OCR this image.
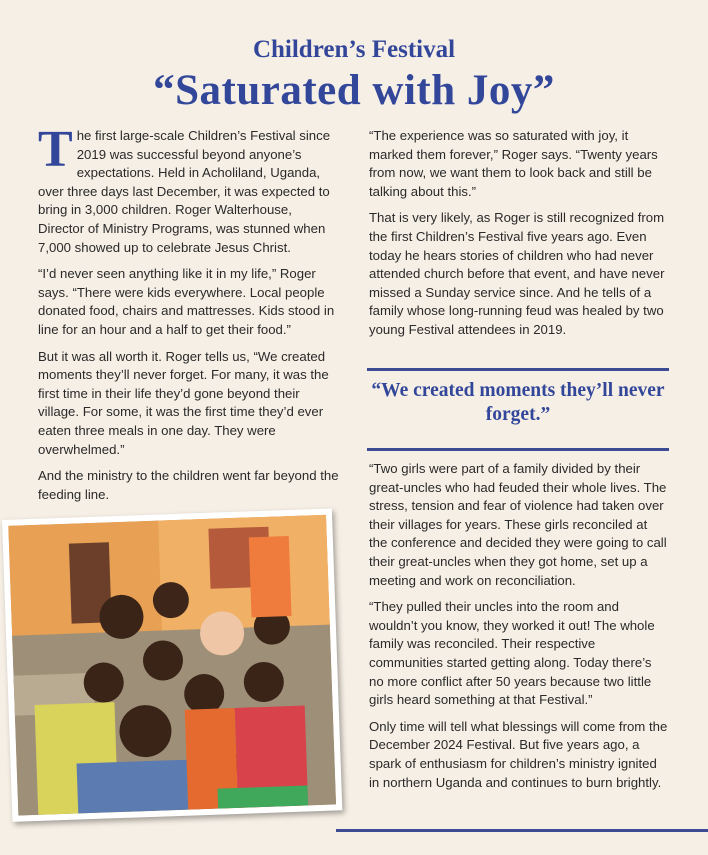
Children’s Festival
“Saturated with Joy”

The first large-scale Children’s Festival since 2019 was successful beyond anyone’s expectations. Held in Acholiland, Uganda, over three days last December, it was expected to bring in 3,000 children. Roger Walterhouse, Director of Ministry Programs, was stunned when 7,000 showed up to celebrate Jesus Christ.

“I’d never seen anything like it in my life,” Roger says. “There were kids everywhere. Local people donated food, chairs and mattresses. Kids stood in line for an hour and a half to get their food.”

But it was all worth it. Roger tells us, “We created moments they’ll never forget. For many, it was the first time in their life they’d gone beyond their village. For some, it was the first time they’d ever eaten three meals in one day. They were overwhelmed.”

And the ministry to the children went far beyond the feeding line.

“The experience was so saturated with joy, it marked them forever,” Roger says. “Twenty years from now, we want them to look back and still be talking about this.”

That is very likely, as Roger is still recognized from the first Children’s Festival five years ago. Even today he hears stories of children who had never attended church before that event, and have never missed a Sunday service since. And he tells of a family whose long-running feud was healed by two young Festival attendees in 2019.

“We created moments they’ll never forget.”

“Two girls were part of a family divided by their great-uncles who had feuded their whole lives. The stress, tension and fear of violence had taken over their villages for years. These girls reconciled at the conference and decided they were going to call their great-uncles when they got home, set up a meeting and work on reconciliation.

“They pulled their uncles into the room and wouldn’t you know, they worked it out! The whole family was reconciled. Their respective communities started getting along. Today there’s no more conflict after 50 years because two little girls heard something at that Festival.”

Only time will tell what blessings will come from the December 2024 Festival. But five years ago, a spark of enthusiasm for children’s ministry ignited in northern Uganda and continues to burn brightly.
